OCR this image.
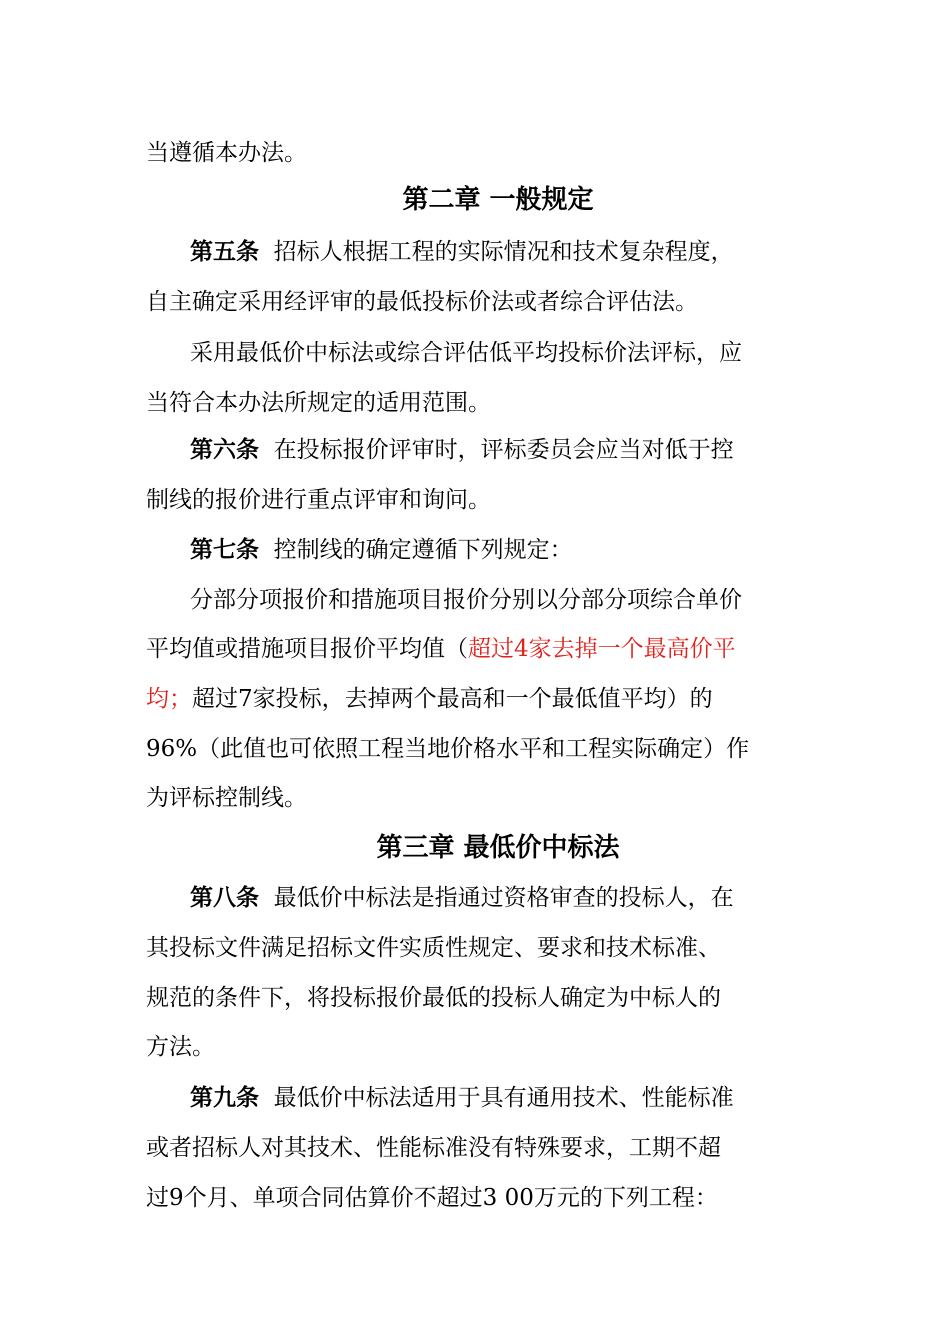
当遵循本办法。
第二章 一般规定
第五条 招标人根据工程的实际情况和技术复杂程度，
自主确定采用经评审的最低投标价法或者综合评估法。
采用最低价中标法或综合评估低平均投标价法评标，应
当符合本办法所规定的适用范围。
第六条 在投标报价评审时，评标委员会应当对低于控
制线的报价进行重点评审和询问。
第七条 控制线的确定遵循下列规定：
分部分项报价和措施项目报价分别以分部分项综合单价
平均值或措施项目报价平均值（超过4家去掉一个最高价平
均；超过7家投标，去掉两个最高和一个最低值平均）的
96%（此值也可依照工程当地价格水平和工程实际确定）作
为评标控制线。
第三章 最低价中标法
第八条 最低价中标法是指通过资格审查的投标人，在
其投标文件满足招标文件实质性规定、要求和技术标准、
规范的条件下，将投标报价最低的投标人确定为中标人的
方法。
第九条 最低价中标法适用于具有通用技术、性能标准
或者招标人对其技术、性能标准没有特殊要求，工期不超
过9个月、单项合同估算价不超过3 00万元的下列工程：
